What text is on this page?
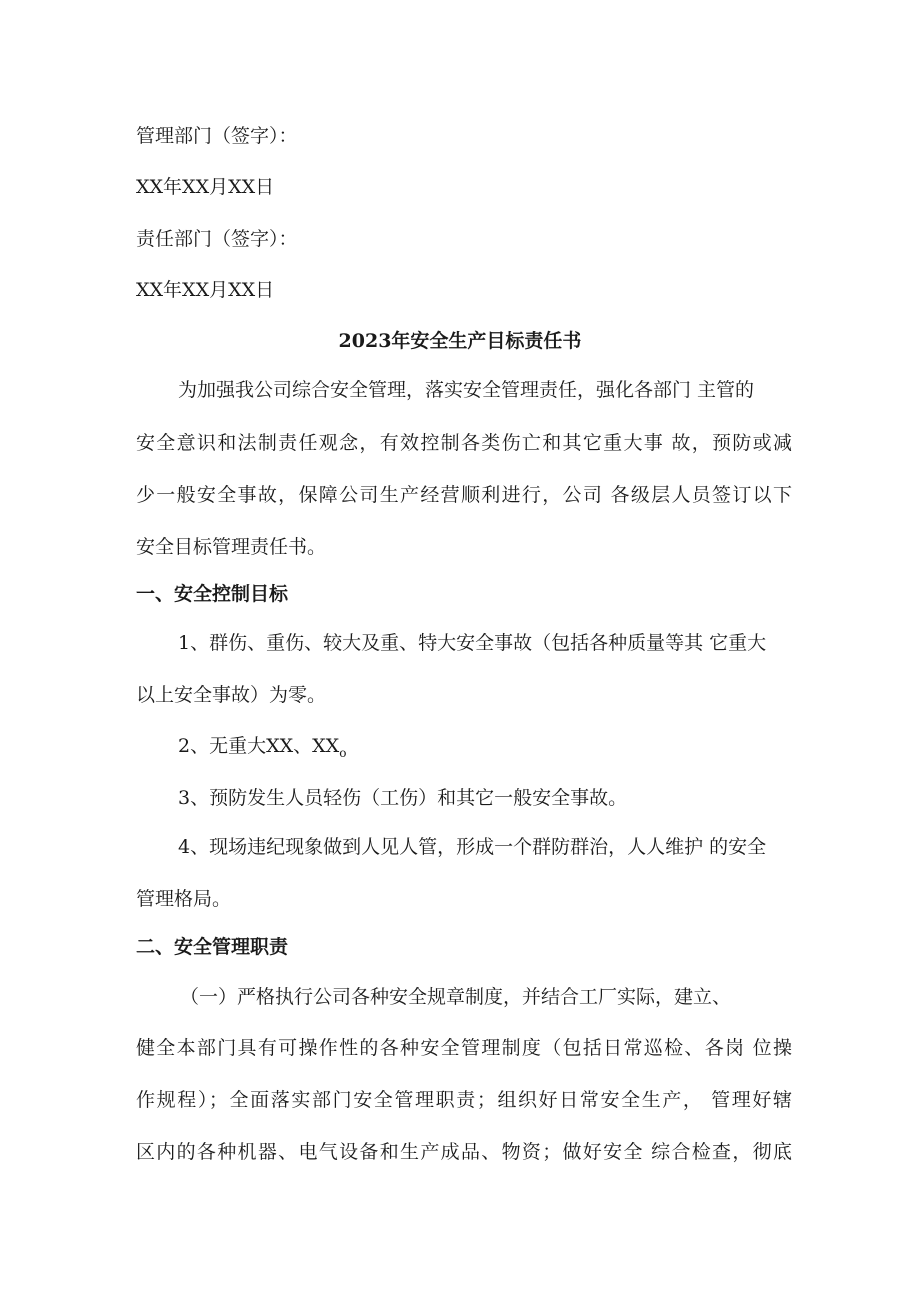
管理部门（签字）：
XX年XX月XX日
责任部门（签字）：
XX年XX月XX日
2023年安全生产目标责任书
为加强我公司综合安全管理，落实安全管理责任，强化各部门 主管的
安全意识和法制责任观念，有效控制各类伤亡和其它重大事 故，预防或减
少一般安全事故，保障公司生产经营顺利进行，公司 各级层人员签订以下
安全目标管理责任书。
一、安全控制目标
1、群伤、重伤、较大及重、特大安全事故（包括各种质量等其 它重大
以上安全事故）为零。
2、无重大XX、$XX_o$
3、预防发生人员轻伤（工伤）和其它一般安全事故。
4、现场违纪现象做到人见人管，形成一个群防群治，人人维护 的安全
管理格局。
二、安全管理职责
（一）严格执行公司各种安全规章制度，并结合工厂实际，建立、
健全本部门具有可操作性的各种安全管理制度（包括日常巡检、各岗 位操
作规程）；全面落实部门安全管理职责；组织好日常安全生产， 管理好辖
区内的各种机器、电气设备和生产成品、物资；做好安全 综合检查，彻底
